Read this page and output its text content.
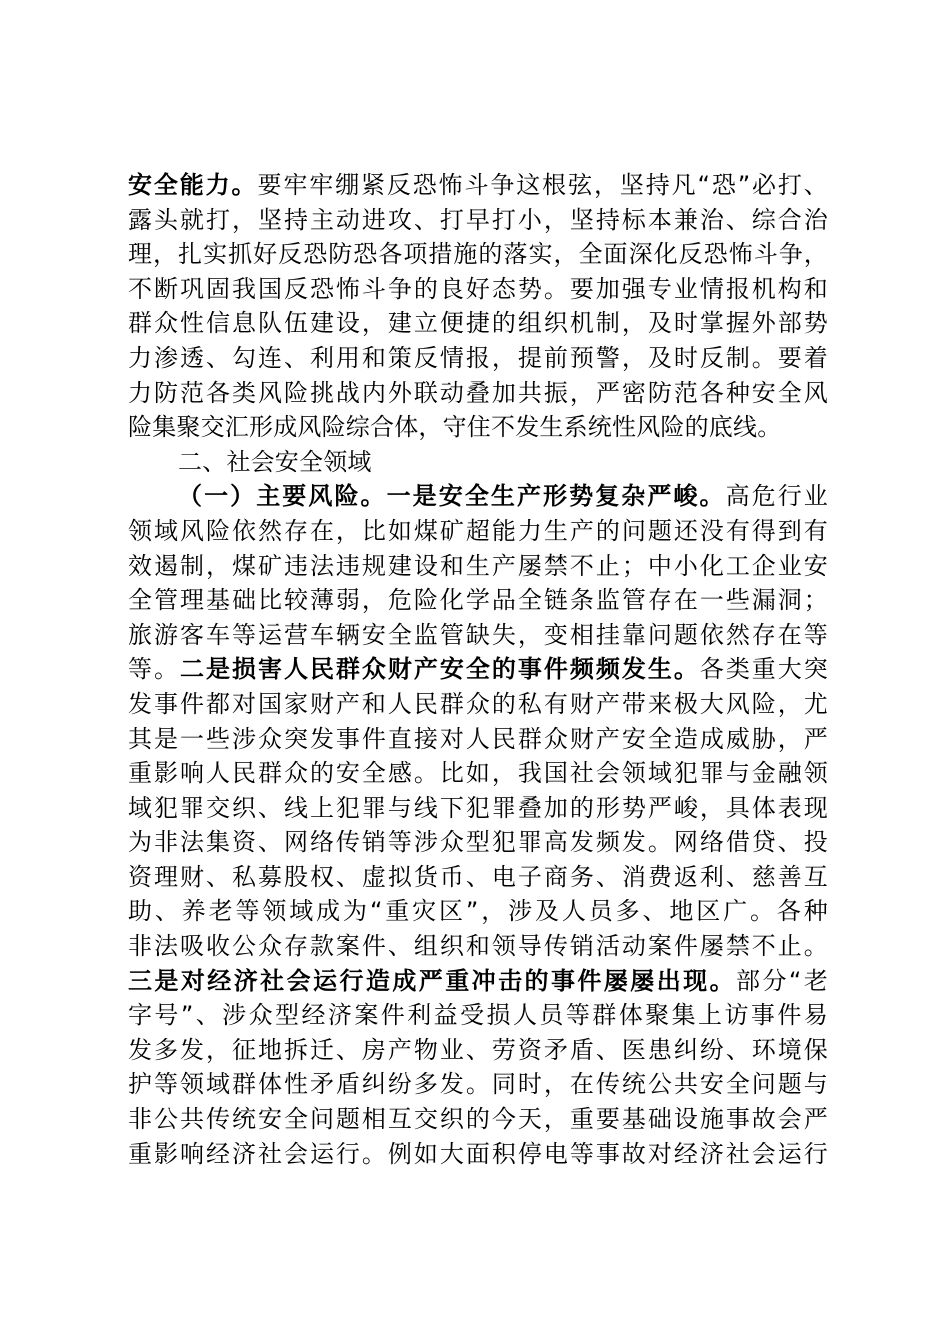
安全能力。要牢牢绷紧反恐怖斗争这根弦，坚持凡“恐”必打、
露头就打，坚持主动进攻、打早打小，坚持标本兼治、综合治
理，扎实抓好反恐防恐各项措施的落实，全面深化反恐怖斗争，
不断巩固我国反恐怖斗争的良好态势。要加强专业情报机构和
群众性信息队伍建设，建立便捷的组织机制，及时掌握外部势
力渗透、勾连、利用和策反情报，提前预警，及时反制。要着
力防范各类风险挑战内外联动叠加共振，严密防范各种安全风
险集聚交汇形成风险综合体，守住不发生系统性风险的底线。
二、社会安全领域
（一）主要风险。一是安全生产形势复杂严峻。高危行业
领域风险依然存在，比如煤矿超能力生产的问题还没有得到有
效遏制，煤矿违法违规建设和生产屡禁不止；中小化工企业安
全管理基础比较薄弱，危险化学品全链条监管存在一些漏洞；
旅游客车等运营车辆安全监管缺失，变相挂靠问题依然存在等
等。二是损害人民群众财产安全的事件频频发生。各类重大突
发事件都对国家财产和人民群众的私有财产带来极大风险，尤
其是一些涉众突发事件直接对人民群众财产安全造成威胁，严
重影响人民群众的安全感。比如，我国社会领域犯罪与金融领
域犯罪交织、线上犯罪与线下犯罪叠加的形势严峻，具体表现
为非法集资、网络传销等涉众型犯罪高发频发。网络借贷、投
资理财、私募股权、虚拟货币、电子商务、消费返利、慈善互
助、养老等领域成为“重灾区”，涉及人员多、地区广。各种
非法吸收公众存款案件、组织和领导传销活动案件屡禁不止。
三是对经济社会运行造成严重冲击的事件屡屡出现。部分“老
字号”、涉众型经济案件利益受损人员等群体聚集上访事件易
发多发，征地拆迁、房产物业、劳资矛盾、医患纠纷、环境保
护等领域群体性矛盾纠纷多发。同时，在传统公共安全问题与
非公共传统安全问题相互交织的今天，重要基础设施事故会严
重影响经济社会运行。例如大面积停电等事故对经济社会运行
